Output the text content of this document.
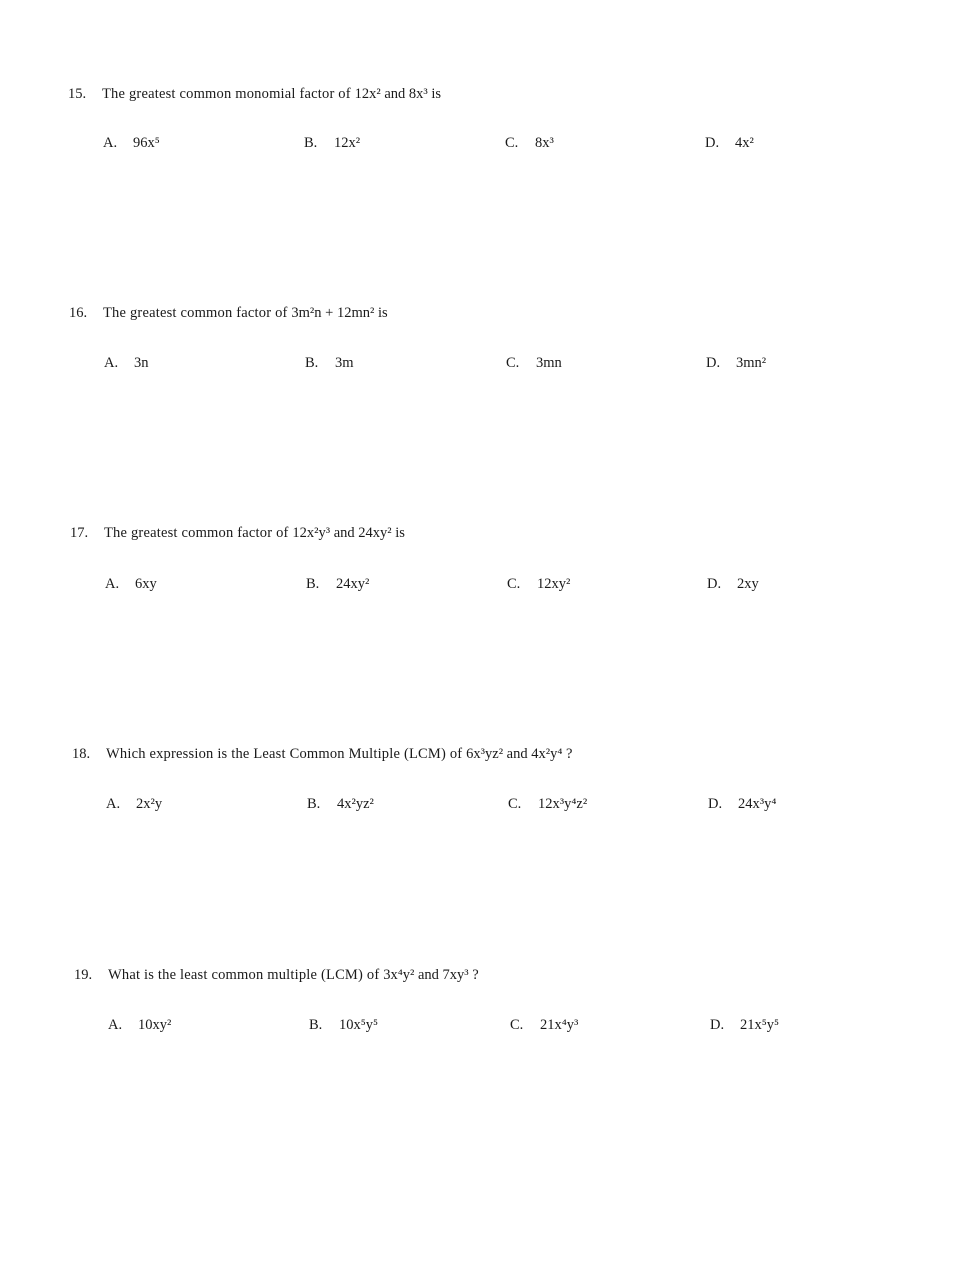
15. The greatest common monomial factor of 12x² and 8x³ is
A. 96x⁵	B. 12x²	C. 8x³	D. 4x²
16. The greatest common factor of 3m²n + 12mn² is
A. 3n	B. 3m	C. 3mn	D. 3mn²
17. The greatest common factor of 12x²y³ and 24xy² is
A. 6xy	B. 24xy²	C. 12xy²	D. 2xy
18. Which expression is the Least Common Multiple (LCM) of 6x³yz² and 4x²y⁴ ?
A. 2x²y	B. 4x²yz²	C. 12x³y⁴z²	D. 24x³y⁴
19. What is the least common multiple (LCM) of 3x⁴y² and 7xy³ ?
A. 10xy²	B. 10x⁵y⁵	C. 21x⁴y³	D. 21x⁵y⁵
